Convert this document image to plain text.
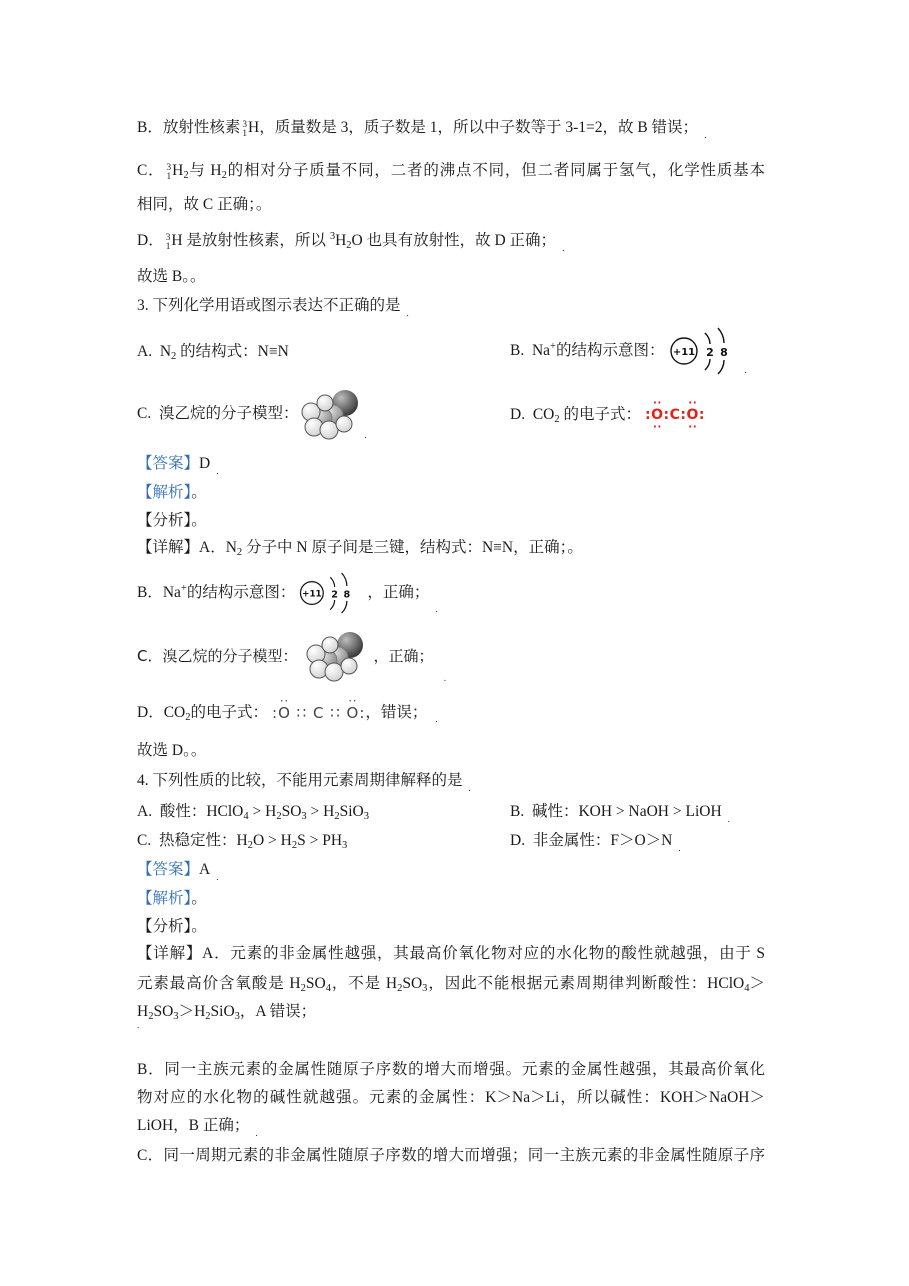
B．放射性核素 3
1 H，质量数是 3，质子数是 1，所以中子数等于 3-1=2，故 B 错误； $_.$
C． 3
1 $H_2$与 $H_2$的相对分子质量不同，二者的沸点不同，但二者同属于氢气，化学性质基本
相同，故 C 正确；。
D． 3
1 H 是放射性核素，所以 $^3H_2O$ 也具有放射性，故 D 正确； $_.$
故选 B。。
3. 下列化学用语或图示表达不正确的是 $_.$
A.  $N_2$ 的结构式：N≡N	B.  Na+的结构示意图： +11 2 8
.
C.  溴乙烷的分子模型：
.
D.  $CO_2$ 的电子式： :·· O ··:C:·· O ··:
【答案】D $_.$
【解析】。
【分析】。
【详解】A．$N_2$ 分子中 N 原子间是三键，结构式：N≡N，正确；。
B．Na+的结构示意图： +11 2 8 ，正确；
.
C．溴乙烷的分子模型：	，正确；
.
D．$CO_2$的电子式： :·· O ∷ C ∷ ·· O: ，错误； .
故选 D。。
4. 下列性质的比较，不能用元素周期律解释的是 $_.$
A.  酸性：HClO$_4$ > $H_2SO_3 > H_2SiO_3$	B.  碱性：KOH > NaOH > LiOH $_.$
C.  热稳定性：$H_2O > H_2S > PH_3$	D.  非金属性：F＞O＞N $_.$
【答案】A $_.$
【解析】。
【分析】。
【详解】A．元素的非金属性越强，其最高价氧化物对应的水化物的酸性就越强，由于 S
元素最高价含氧酸是 $H_2SO_4$，不是 $H_2SO_3$，因此不能根据元素周期律判断酸性：HClO$_4$＞
$H_2SO_3>H_2SiO_3$，A 错误；
.
B．同一主族元素的金属性随原子序数的增大而增强。元素的金属性越强，其最高价氧化
物对应的水化物的碱性就越强。元素的金属性：K＞Na＞Li，所以碱性：KOH＞NaOH＞
LiOH，B 正确； $_.$
C．同一周期元素的非金属性随原子序数的增大而增强；同一主族元素的非金属性随原子序
